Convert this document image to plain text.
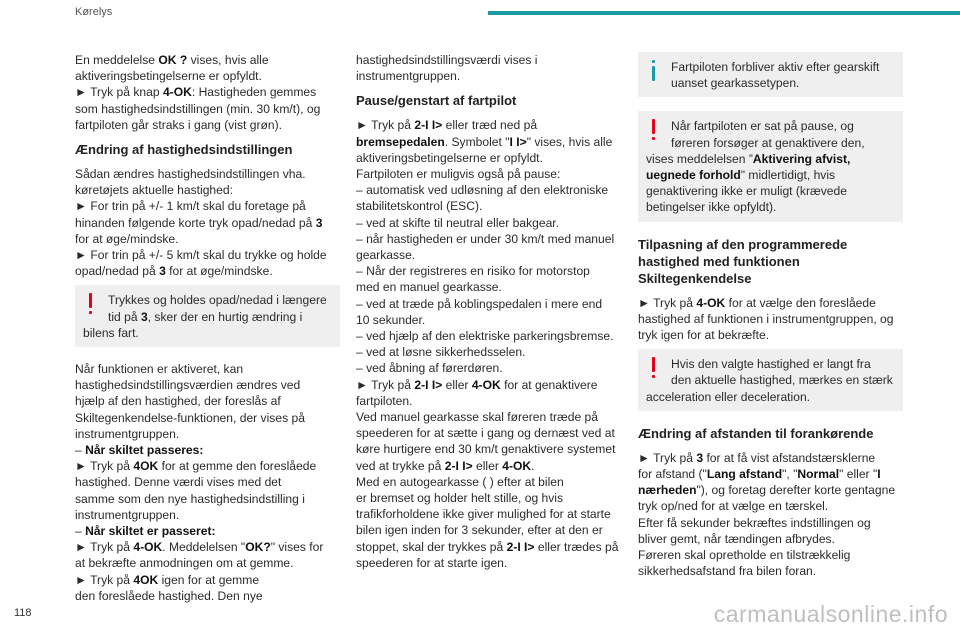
Kørelys

En meddelelse OK ? vises, hvis alle
aktiveringsbetingelserne er opfyldt.
► Tryk på knap 4-OK: Hastigheden gemmes
som hastighedsindstillingen (min. 30 km/t), og
fartpiloten går straks i gang (vist grøn).

Ændring af hastighedsindstillingen

Sådan ændres hastighedsindstillingen vha.
køretøjets aktuelle hastighed:
► For trin på +/- 1 km/t skal du foretage på
hinanden følgende korte tryk opad/nedad på 3
for at øge/mindske.
► For trin på +/- 5 km/t skal du trykke og holde
opad/nedad på 3 for at øge/mindske.

Trykkes og holdes opad/nedad i længere
tid på 3, sker der en hurtig ændring i
bilens fart.

Når funktionen er aktiveret, kan
hastighedsindstillingsværdien ændres ved
hjælp af den hastighed, der foreslås af
Skiltegenkendelse-funktionen, der vises på
instrumentgruppen.
– Når skiltet passeres:
► Tryk på 4OK for at gemme den foreslåede
hastighed. Denne værdi vises med det
samme som den nye hastighedsindstilling i
instrumentgruppen.
– Når skiltet er passeret:
► Tryk på 4-OK. Meddelelsen "OK?" vises for
at bekræfte anmodningen om at gemme.
► Tryk på 4OK igen for at gemme
den foreslåede hastighed. Den nye

hastighedsindstillingsværdi vises i
instrumentgruppen.

Pause/genstart af fartpilot

► Tryk på 2-I I> eller træd ned på
bremsepedalen. Symbolet "I I>" vises, hvis alle
aktiveringsbetingelserne er opfyldt.
Fartpiloten er muligvis også på pause:
– automatisk ved udløsning af den elektroniske
stabilitetskontrol (ESC).
– ved at skifte til neutral eller bakgear.
– når hastigheden er under 30 km/t med manuel
gearkasse.
– Når der registreres en risiko for motorstop
med en manuel gearkasse.
– ved at træde på koblingspedalen i mere end
10 sekunder.
– ved hjælp af den elektriske parkeringsbremse.
– ved at løsne sikkerhedsselen.
– ved åbning af førerdøren.
► Tryk på 2-I I> eller 4-OK for at genaktivere
fartpiloten.
Ved manuel gearkasse skal føreren træde på
speederen for at sætte i gang og dernæst ved at
køre hurtigere end 30 km/t genaktivere systemet
ved at trykke på 2-I I> eller 4-OK.
Med en autogearkasse ( ) efter at bilen
er bremset og holder helt stille, og hvis
trafikforholdene ikke giver mulighed for at starte
bilen igen inden for 3 sekunder, efter at den er
stoppet, skal der trykkes på 2-I I> eller trædes på
speederen for at starte igen.

Fartpiloten forbliver aktiv efter gearskift
uanset gearkassetypen.
Når fartpiloten er sat på pause, og
føreren forsøger at genaktivere den,
vises meddelelsen ”Aktivering afvist,
uegnede forhold" midlertidigt, hvis
genaktivering ikke er muligt (krævede
betingelser ikke opfyldt).
Tilpasning af den programmerede
hastighed med funktionen
Skiltegenkendelse

► Tryk på 4-OK for at vælge den foreslåede
hastighed af funktionen i instrumentgruppen, og
tryk igen for at bekræfte.

Hvis den valgte hastighed er langt fra
den aktuelle hastighed, mærkes en stærk
acceleration eller deceleration.
Ændring af afstanden til forankørende

► Tryk på 3 for at få vist afstandstærsklerne
for afstand ("Lang afstand", "Normal" eller "I
nærheden"), og foretag derefter korte gentagne
tryk op/ned for at vælge en tærskel.
Efter få sekunder bekræftes indstillingen og
bliver gemt, når tændingen afbrydes.
Føreren skal opretholde en tilstrækkelig
sikkerhedsafstand fra bilen foran.

118	carmanualsonline.info
